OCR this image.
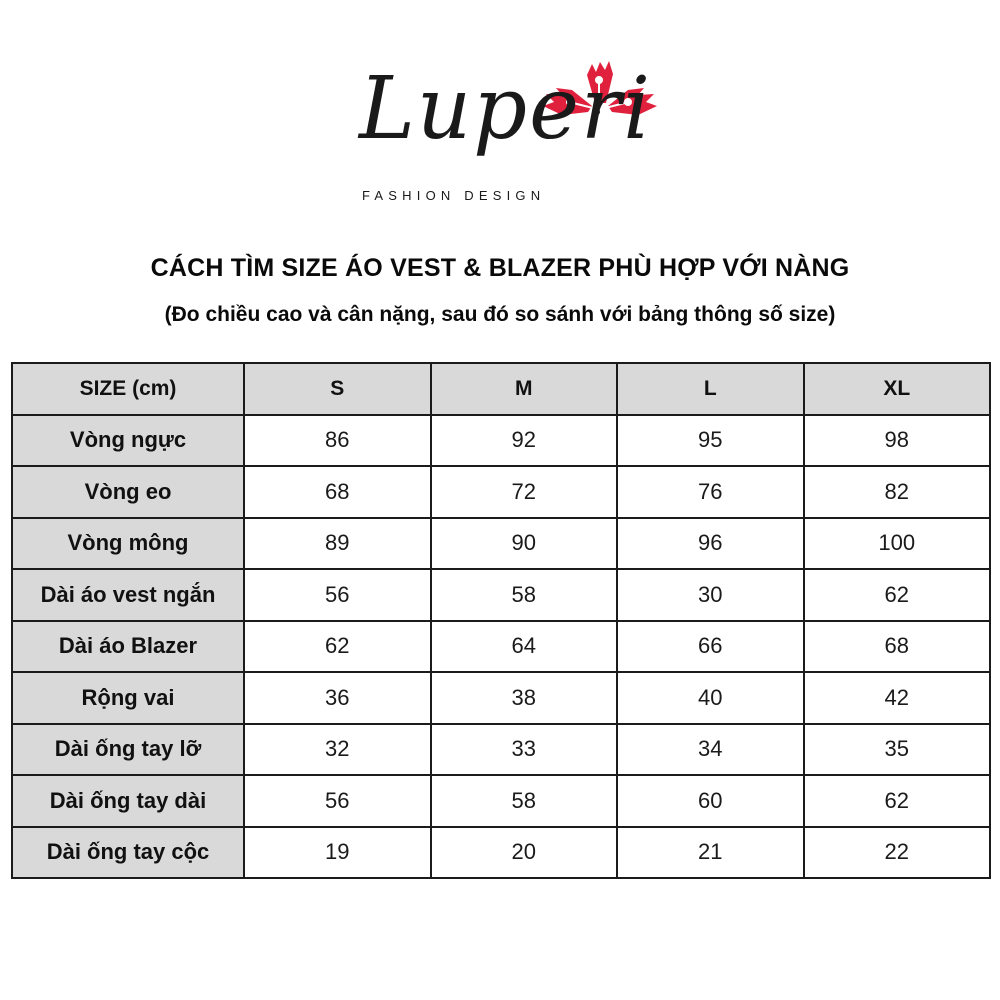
Luperi
FASHION DESIGN
CÁCH TÌM SIZE ÁO VEST & BLAZER PHÙ HỢP VỚI NÀNG
(Đo chiều cao và cân nặng, sau đó so sánh với bảng thông số size)
SIZE (cm)	S	M	L	XL
Vòng ngực	86	92	95	98
Vòng eo	68	72	76	82
Vòng mông	89	90	96	100
Dài áo vest ngắn	56	58	30	62
Dài áo Blazer	62	64	66	68
Rộng vai	36	38	40	42
Dài ống tay lỡ	32	33	34	35
Dài ống tay dài	56	58	60	62
Dài ống tay cộc	19	20	21	22
